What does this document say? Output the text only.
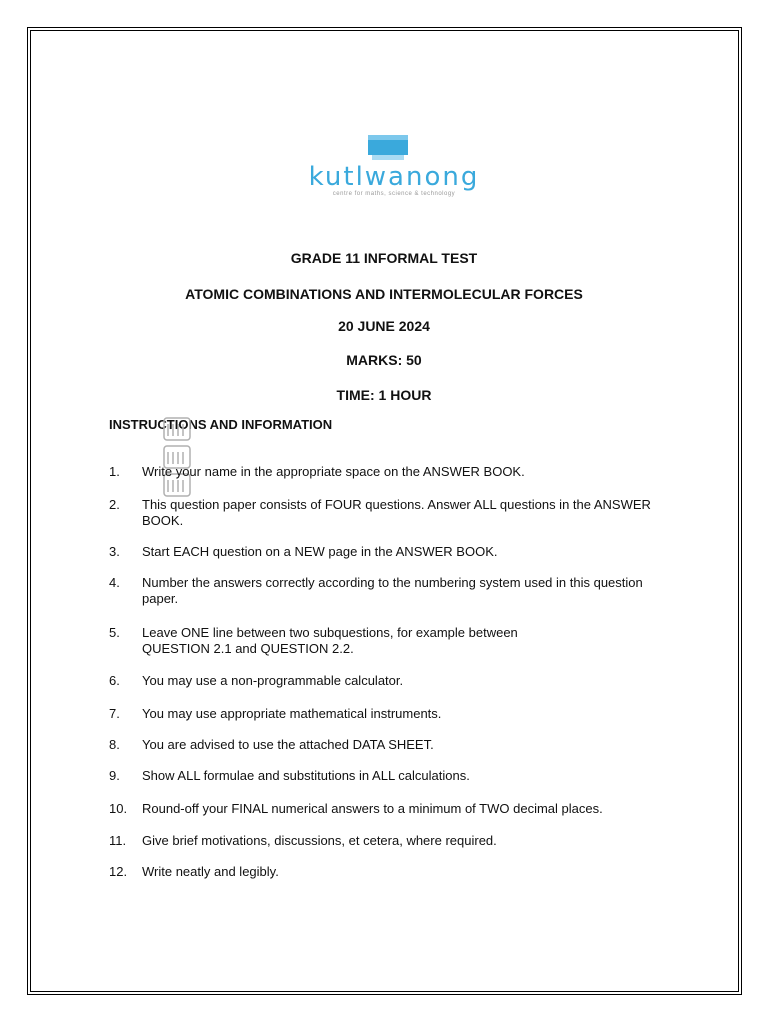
kutlwanong
centre for maths, science & technology
GRADE 11 INFORMAL TEST
ATOMIC COMBINATIONS AND INTERMOLECULAR FORCES
20 JUNE 2024
MARKS: 50
TIME: 1 HOUR
INSTRUCTIONS AND INFORMATION
1. Write your name in the appropriate space on the ANSWER BOOK.
2. This question paper consists of FOUR questions. Answer ALL questions in the ANSWER BOOK.
3. Start EACH question on a NEW page in the ANSWER BOOK.
4. Number the answers correctly according to the numbering system used in this question paper.
5. Leave ONE line between two subquestions, for example between QUESTION 2.1 and QUESTION 2.2.
6. You may use a non-programmable calculator.
7. You may use appropriate mathematical instruments.
8. You are advised to use the attached DATA SHEET.
9. Show ALL formulae and substitutions in ALL calculations.
10. Round-off your FINAL numerical answers to a minimum of TWO decimal places.
11. Give brief motivations, discussions, et cetera, where required.
12. Write neatly and legibly.
